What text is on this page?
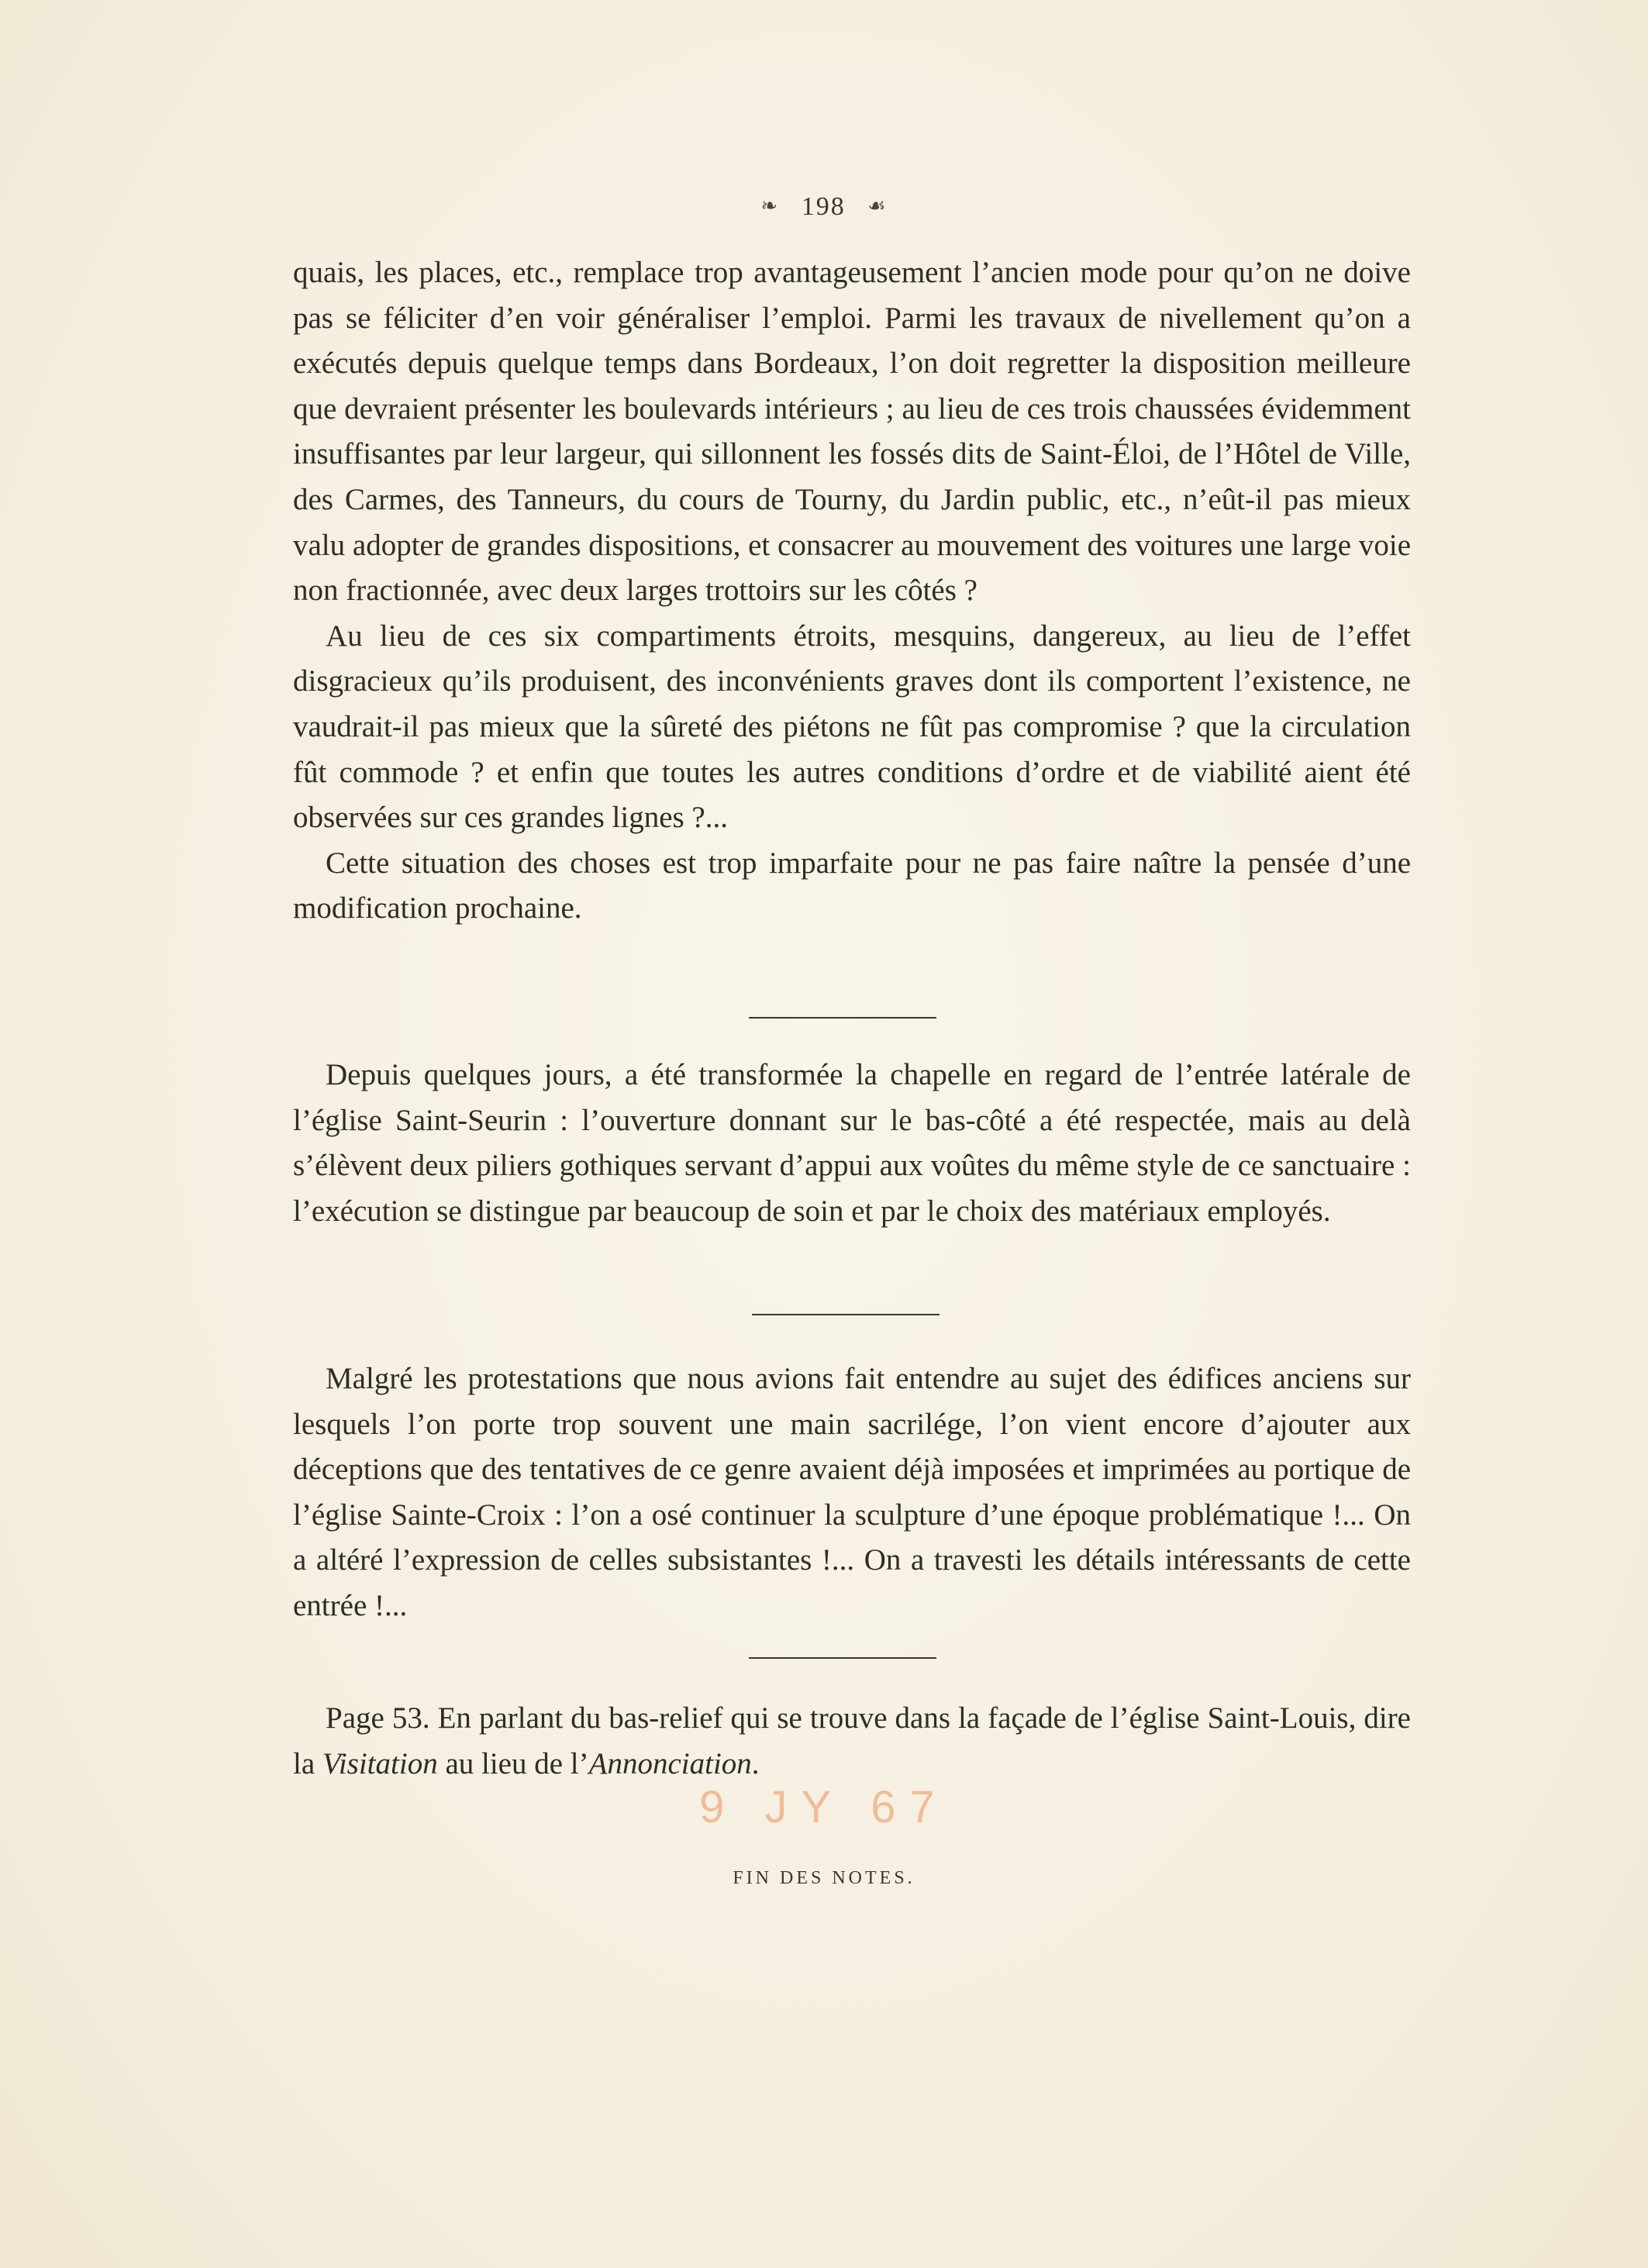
❧ 198 ☙

quais, les places, etc., remplace trop avantageusement l’ancien mode pour qu’on ne doive pas se féliciter d’en voir généraliser l’emploi. Parmi les travaux de nivellement qu’on a exécutés depuis quelque temps dans Bordeaux, l’on doit regretter la disposition meilleure que devraient présenter les boulevards intérieurs ; au lieu de ces trois chaussées évidemment insuffisantes par leur largeur, qui sillonnent les fossés dits de Saint-Éloi, de l’Hôtel de Ville, des Carmes, des Tanneurs, du cours de Tourny, du Jardin public, etc., n’eût-il pas mieux valu adopter de grandes dispositions, et consacrer au mouvement des voitures une large voie non fractionnée, avec deux larges trottoirs sur les côtés ?

Au lieu de ces six compartiments étroits, mesquins, dangereux, au lieu de l’effet disgracieux qu’ils produisent, des inconvénients graves dont ils comportent l’existence, ne vaudrait-il pas mieux que la sûreté des piétons ne fût pas compromise ? que la circulation fût commode ? et enfin que toutes les autres conditions d’ordre et de viabilité aient été observées sur ces grandes lignes ?...

Cette situation des choses est trop imparfaite pour ne pas faire naître la pensée d’une modification prochaine.

Depuis quelques jours, a été transformée la chapelle en regard de l’entrée latérale de l’église Saint-Seurin : l’ouverture donnant sur le bas-côté a été respectée, mais au delà s’élèvent deux piliers gothiques servant d’appui aux voûtes du même style de ce sanctuaire : l’exécution se distingue par beaucoup de soin et par le choix des matériaux employés.

Malgré les protestations que nous avions fait entendre au sujet des édifices anciens sur lesquels l’on porte trop souvent une main sacrilége, l’on vient encore d’ajouter aux déceptions que des tentatives de ce genre avaient déjà imposées et imprimées au portique de l’église Sainte-Croix : l’on a osé continuer la sculpture d’une époque problématique !... On a altéré l’expression de celles subsistantes !... On a travesti les détails intéressants de cette entrée !...

Page 53. En parlant du bas-relief qui se trouve dans la façade de l’église Saint-Louis, dire la Visitation au lieu de l’Annonciation.

9 JY 67
FIN DES NOTES.
